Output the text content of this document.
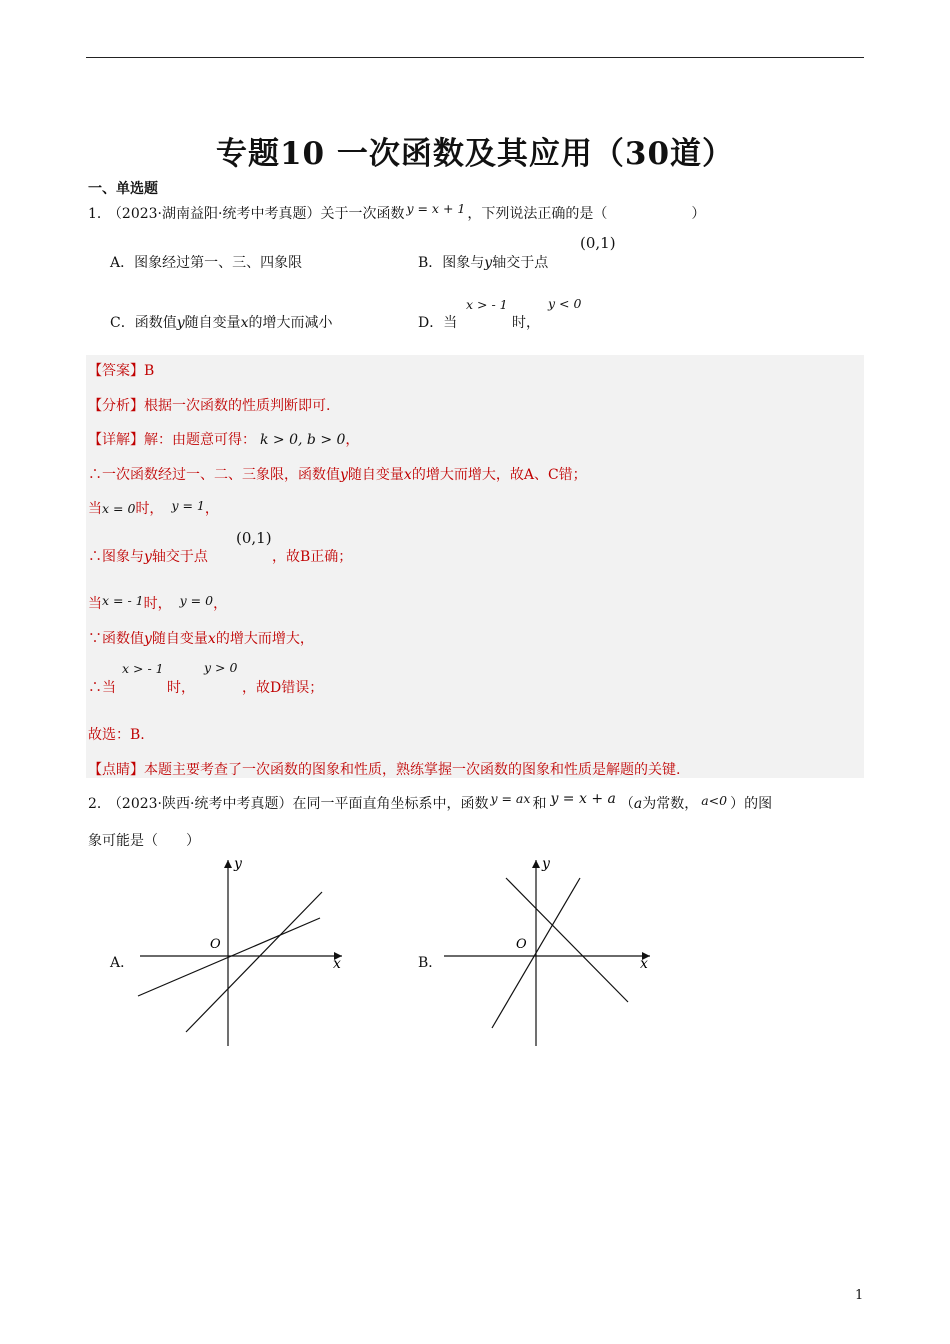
专题10 一次函数及其应用（30道）
一、单选题
1． （2023·湖南益阳·统考中考真题）关于一次函数 y = x + 1 ，下列说法正确的是（	）
A．图象经过第一、三、四象限	B．图象与y轴交于点
(0,1)
C．函数值y随自变量x的增大而减小	D．当
x > - 1
时，
y < 0
【答案】B
【分析】根据一次函数的性质判断即可.
【详解】解：由题意可得： k > 0, b > 0，
∴一次函数经过一、二、三象限，函数值y随自变量x的增大而增大，故A、C错；
当x = 0时， y = 1，
∴图象与y轴交于点
(0,1)
，故B正确；
当x = - 1时， y = 0，
∵函数值y随自变量x的增大而增大，
∴当
x > - 1
时，
y > 0
，故D错误；
故选：B.
【点睛】本题主要考查了一次函数的图象和性质，熟练掌握一次函数的图象和性质是解题的关键.
2． （2023·陕西·统考中考真题）在同一平面直角坐标系中，函数 y = ax 和 y = x + a （a为常数， a<0 ）的图
象可能是（　　）
A．	x
y
O
B．	x
y
O
1
